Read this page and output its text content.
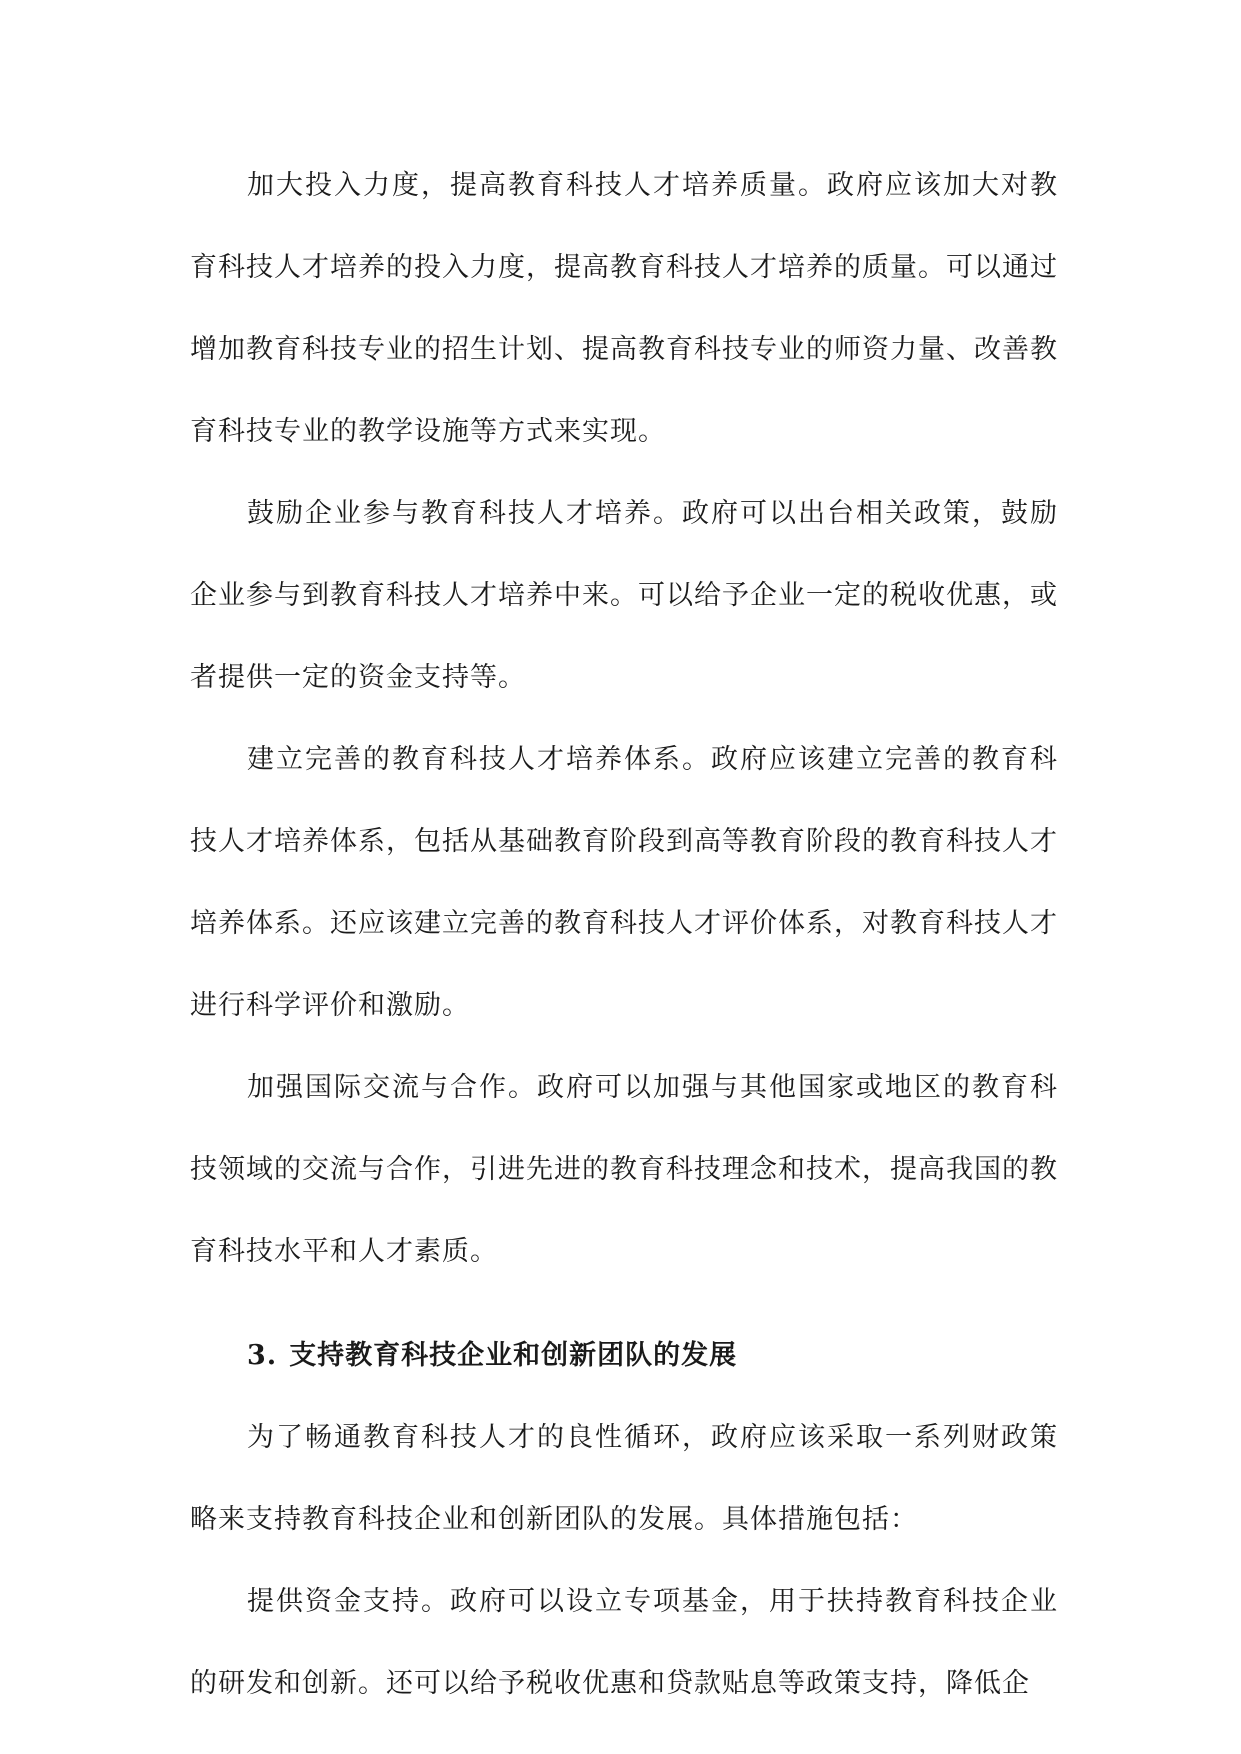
加大投入力度，提高教育科技人才培养质量。政府应该加大对教育科技人才培养的投入力度，提高教育科技人才培养的质量。可以通过增加教育科技专业的招生计划、提高教育科技专业的师资力量、改善教育科技专业的教学设施等方式来实现。

鼓励企业参与教育科技人才培养。政府可以出台相关政策，鼓励企业参与到教育科技人才培养中来。可以给予企业一定的税收优惠，或者提供一定的资金支持等。

建立完善的教育科技人才培养体系。政府应该建立完善的教育科技人才培养体系，包括从基础教育阶段到高等教育阶段的教育科技人才培养体系。还应该建立完善的教育科技人才评价体系，对教育科技人才进行科学评价和激励。

加强国际交流与合作。政府可以加强与其他国家或地区的教育科技领域的交流与合作，引进先进的教育科技理念和技术，提高我国的教育科技水平和人才素质。

3. 支持教育科技企业和创新团队的发展

为了畅通教育科技人才的良性循环，政府应该采取一系列财政策略来支持教育科技企业和创新团队的发展。具体措施包括：

提供资金支持。政府可以设立专项基金，用于扶持教育科技企业的研发和创新。还可以给予税收优惠和贷款贴息等政策支持，降低企
